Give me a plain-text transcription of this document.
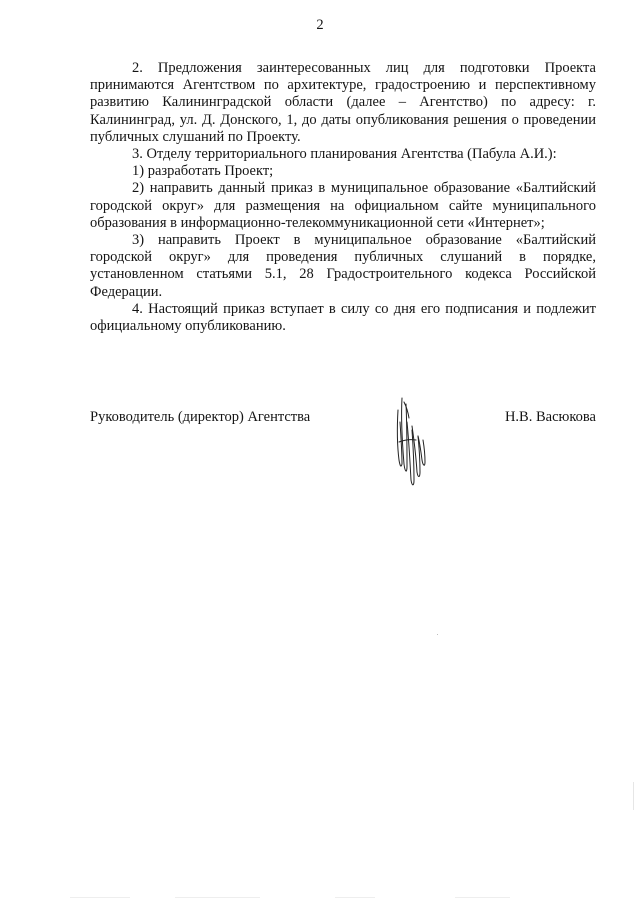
2

2. Предложения заинтересованных лиц для подготовки Проекта принимаются Агентством по архитектуре, градостроению и перспективному развитию Калининградской области (далее – Агентство) по адресу: г. Калининград, ул. Д. Донского, 1, до даты опубликования решения о проведении публичных слушаний по Проекту.

3. Отделу территориального планирования Агентства (Пабула А.И.):

1) разработать Проект;

2) направить данный приказ в муниципальное образование «Балтийский городской округ» для размещения на официальном сайте муниципального образования в информационно-телекоммуникационной сети «Интернет»;

3) направить Проект в муниципальное образование «Балтийский городской округ» для проведения публичных слушаний в порядке, установленном статьями 5.1, 28 Градостроительного кодекса Российской Федерации.

4. Настоящий приказ вступает в силу со дня его подписания и подлежит официальному опубликованию.

Руководитель (директор) Агентства	Н.В. Васюкова
